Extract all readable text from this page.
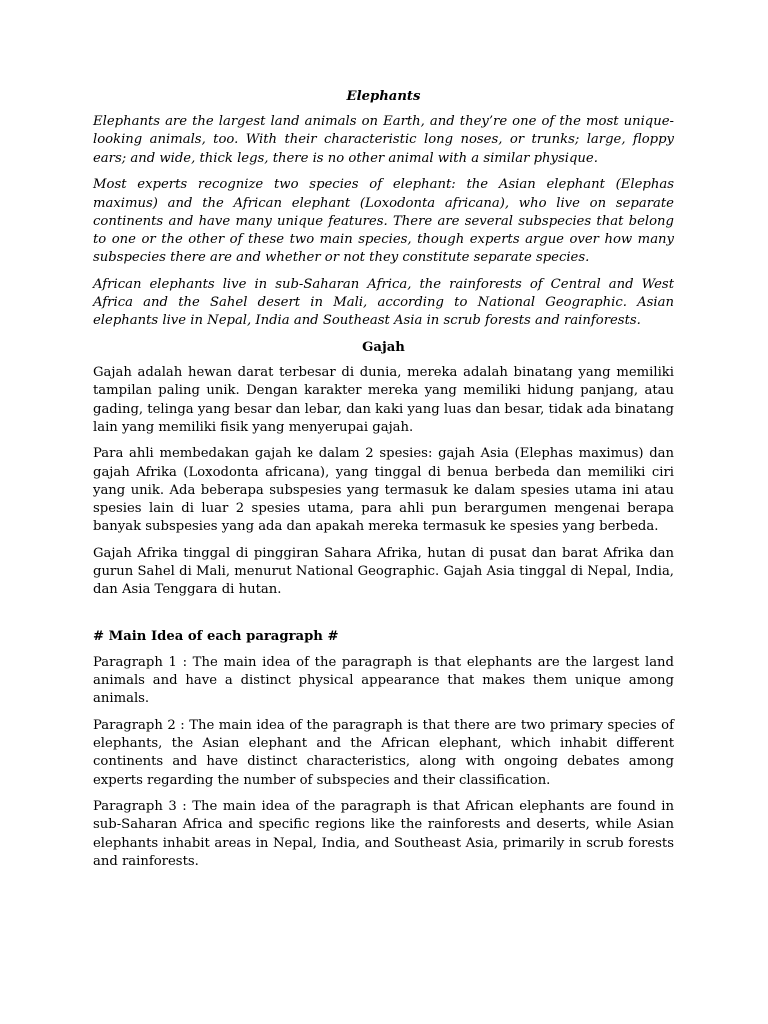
Elephants

Elephants are the largest land animals on Earth, and they’re one of the most unique-looking animals, too. With their characteristic long noses, or trunks; large, floppy ears; and wide, thick legs, there is no other animal with a similar physique.

Most experts recognize two species of elephant: the Asian elephant (Elephas maximus) and the African elephant (Loxodonta africana), who live on separate continents and have many unique features. There are several subspecies that belong to one or the other of these two main species, though experts argue over how many subspecies there are and whether or not they constitute separate species.

African elephants live in sub-Saharan Africa, the rainforests of Central and West Africa and the Sahel desert in Mali, according to National Geographic. Asian elephants live in Nepal, India and Southeast Asia in scrub forests and rainforests.

Gajah

Gajah adalah hewan darat terbesar di dunia, mereka adalah binatang yang memiliki tampilan paling unik. Dengan karakter mereka yang memiliki hidung panjang, atau gading, telinga yang besar dan lebar, dan kaki yang luas dan besar, tidak ada binatang lain yang memiliki fisik yang menyerupai gajah.

Para ahli membedakan gajah ke dalam 2 spesies: gajah Asia (Elephas maximus) dan gajah Afrika (Loxodonta africana), yang tinggal di benua berbeda dan memiliki ciri yang unik. Ada beberapa subspesies yang termasuk ke dalam spesies utama ini atau spesies lain di luar 2 spesies utama, para ahli pun berargumen mengenai berapa banyak subspesies yang ada dan apakah mereka termasuk ke spesies yang berbeda.

Gajah Afrika tinggal di pinggiran Sahara Afrika, hutan di pusat dan barat Afrika dan gurun Sahel di Mali, menurut National Geographic. Gajah Asia tinggal di Nepal, India, dan Asia Tenggara di hutan.

# Main Idea of each paragraph #

Paragraph 1 : The main idea of the paragraph is that elephants are the largest land animals and have a distinct physical appearance that makes them unique among animals.

Paragraph 2 : The main idea of the paragraph is that there are two primary species of elephants, the Asian elephant and the African elephant, which inhabit different continents and have distinct characteristics, along with ongoing debates among experts regarding the number of subspecies and their classification.

Paragraph 3 : The main idea of the paragraph is that African elephants are found in sub-Saharan Africa and specific regions like the rainforests and deserts, while Asian elephants inhabit areas in Nepal, India, and Southeast Asia, primarily in scrub forests and rainforests.
